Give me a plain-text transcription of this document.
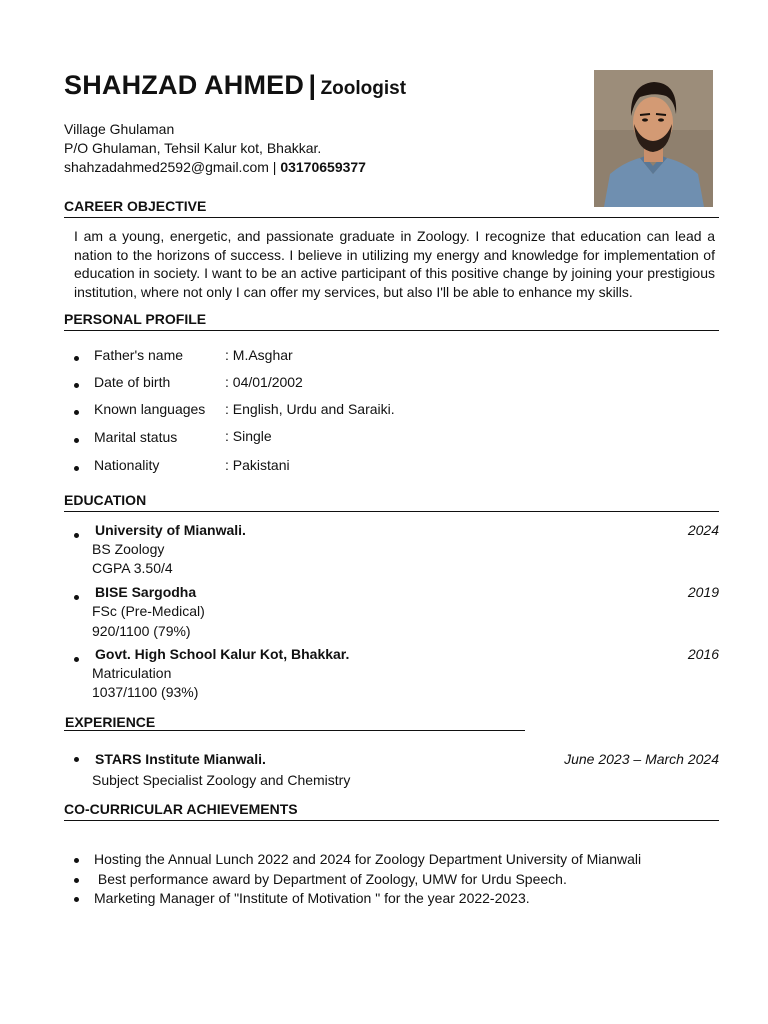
SHAHZAD AHMED | Zoologist
Village Ghulaman
P/O Ghulaman, Tehsil Kalur kot, Bhakkar.
shahzadahmed2592@gmail.com | 03170659377
CAREER OBJECTIVE
I am a young, energetic, and passionate graduate in Zoology. I recognize that education can lead a nation to the horizons of success. I believe in utilizing my energy and knowledge for implementation of education in society. I want to be an active participant of this positive change by joining your prestigious institution, where not only I can offer my services, but also I'll be able to enhance my skills.
PERSONAL PROFILE
Father's name	: M.Asghar
Date of birth	: 04/01/2002
Known languages : English, Urdu and Saraiki.
Marital status	: Single
Nationality	: Pakistani
EDUCATION
University of Mianwali.	2024
BS Zoology
CGPA 3.50/4
BISE Sargodha	2019
FSc (Pre-Medical)
920/1100 (79%)
Govt. High School Kalur Kot, Bhakkar.	2016
Matriculation
1037/1100 (93%)
EXPERIENCE
STARS Institute Mianwali.	June 2023 – March 2024
Subject Specialist Zoology and Chemistry
CO-CURRICULAR ACHIEVEMENTS
Hosting the Annual Lunch 2022 and 2024 for Zoology Department University of Mianwali
Best performance award by Department of Zoology, UMW for Urdu Speech.
Marketing Manager of "Institute of Motivation " for the year 2022-2023.
